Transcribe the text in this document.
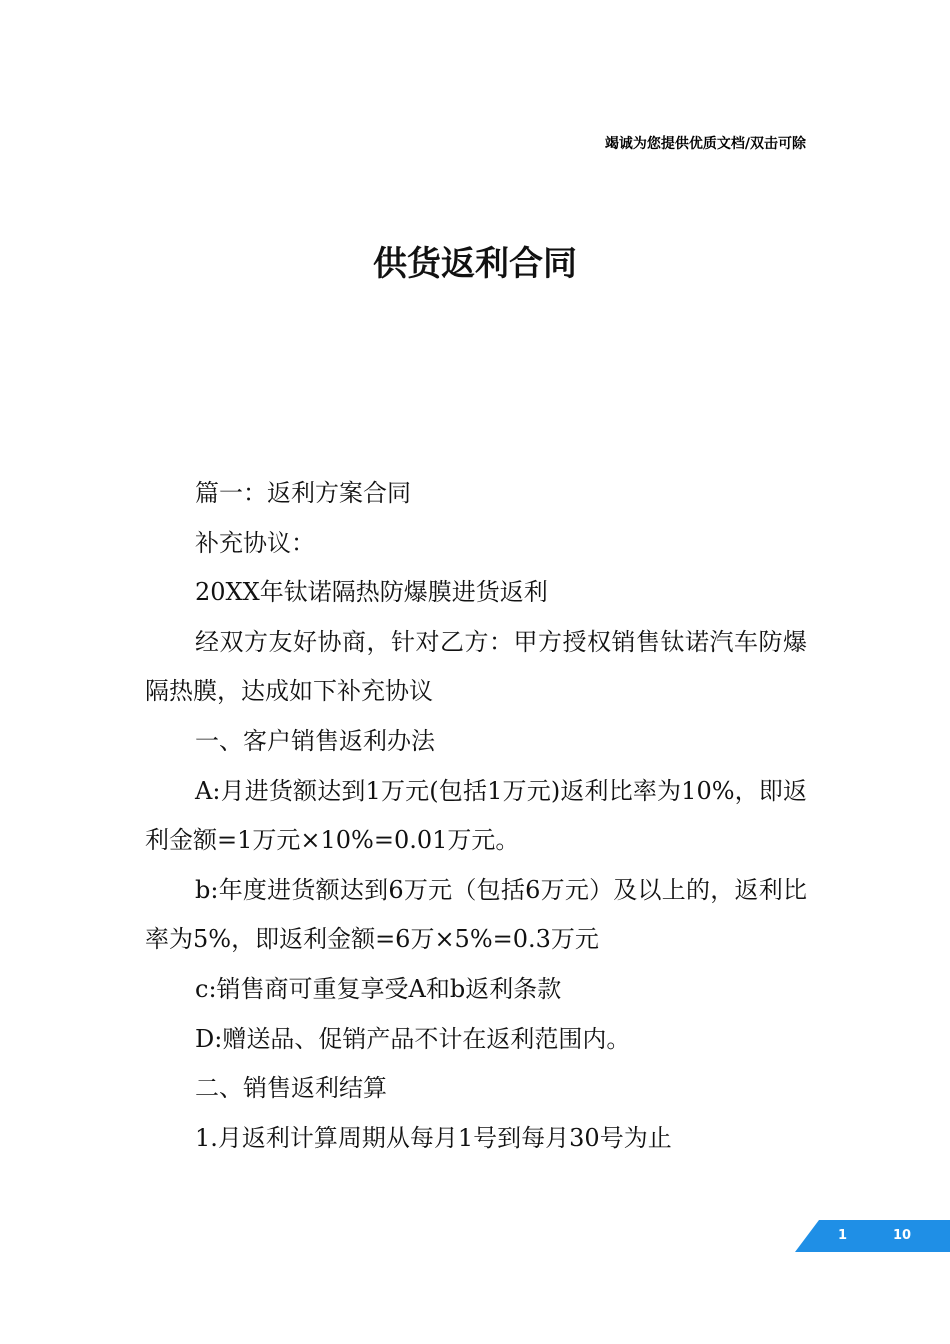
竭诚为您提供优质文档/双击可除
供货返利合同

篇一：返利方案合同

补充协议：

20XX年钛诺隔热防爆膜进货返利

经双方友好协商，针对乙方：甲方授权销售钛诺汽车防爆隔热膜，达成如下补充协议

一、客户销售返利办法

A:月进货额达到1万元(包括1万元)返利比率为10%，即返利金额=1万元×10%=0.01万元。

b:年度进货额达到6万元（包括6万元）及以上的，返利比率为5%，即返利金额=6万×5%=0.3万元

c:销售商可重复享受A和b返利条款

D:赠送品、促销产品不计在返利范围内。

二、销售返利结算

1.月返利计算周期从每月1号到每月30号为止

1	10
